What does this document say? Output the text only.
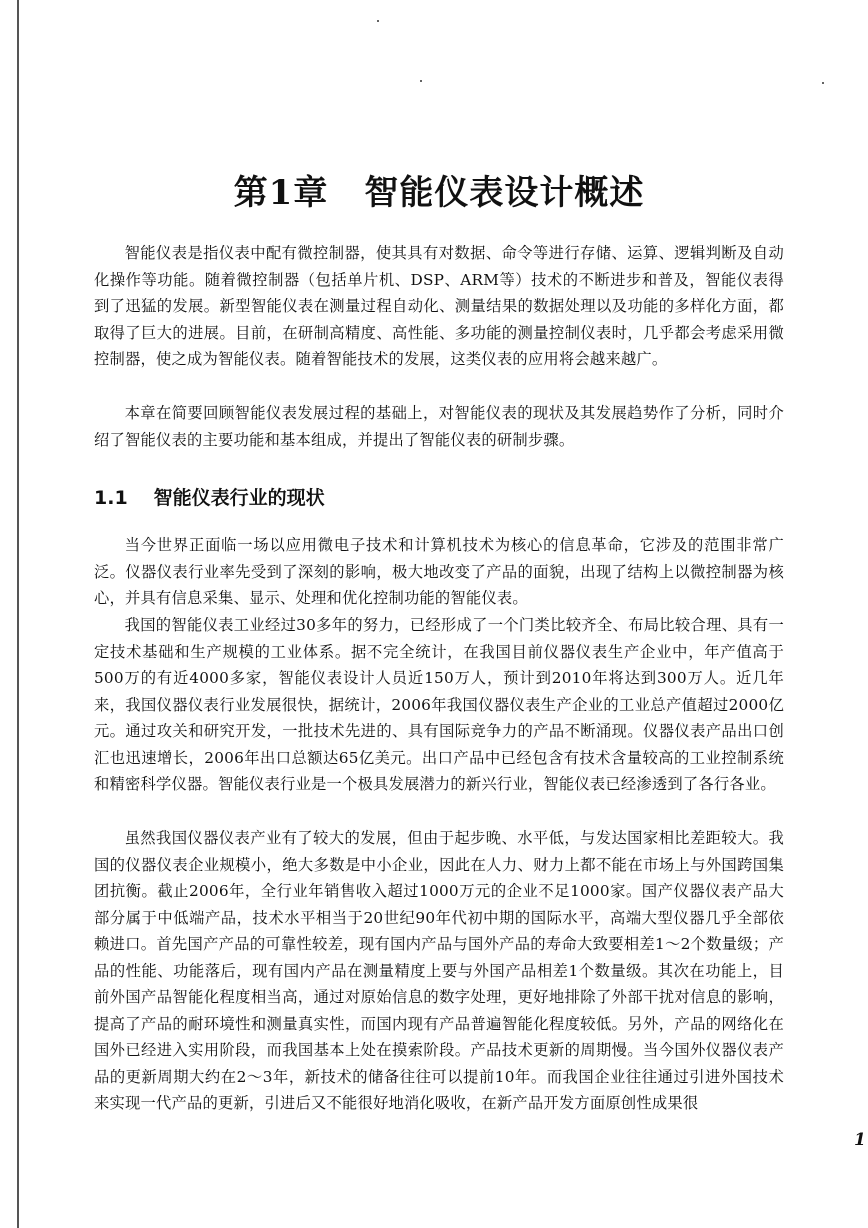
第1章 智能仪表设计概述

智能仪表是指仪表中配有微控制器，使其具有对数据、命令等进行存储、运算、逻辑判断及自动化操作等功能。随着微控制器（包括单片机、DSP、ARM等）技术的不断进步和普及，智能仪表得到了迅猛的发展。新型智能仪表在测量过程自动化、测量结果的数据处理以及功能的多样化方面，都取得了巨大的进展。目前，在研制高精度、高性能、多功能的测量控制仪表时，几乎都会考虑采用微控制器，使之成为智能仪表。随着智能技术的发展，这类仪表的应用将会越来越广。

本章在简要回顾智能仪表发展过程的基础上，对智能仪表的现状及其发展趋势作了分析，同时介绍了智能仪表的主要功能和基本组成，并提出了智能仪表的研制步骤。

1.1 智能仪表行业的现状

当今世界正面临一场以应用微电子技术和计算机技术为核心的信息革命，它涉及的范围非常广泛。仪器仪表行业率先受到了深刻的影响，极大地改变了产品的面貌，出现了结构上以微控制器为核心，并具有信息采集、显示、处理和优化控制功能的智能仪表。

我国的智能仪表工业经过30多年的努力，已经形成了一个门类比较齐全、布局比较合理、具有一定技术基础和生产规模的工业体系。据不完全统计，在我国目前仪器仪表生产企业中，年产值高于500万的有近4000多家，智能仪表设计人员近150万人，预计到2010年将达到300万人。近几年来，我国仪器仪表行业发展很快，据统计，2006年我国仪器仪表生产企业的工业总产值超过2000亿元。通过攻关和研究开发，一批技术先进的、具有国际竞争力的产品不断涌现。仪器仪表产品出口创汇也迅速增长，2006年出口总额达65亿美元。出口产品中已经包含有技术含量较高的工业控制系统和精密科学仪器。智能仪表行业是一个极具发展潜力的新兴行业，智能仪表已经渗透到了各行各业。

虽然我国仪器仪表产业有了较大的发展，但由于起步晚、水平低，与发达国家相比差距较大。我国的仪器仪表企业规模小，绝大多数是中小企业，因此在人力、财力上都不能在市场上与外国跨国集团抗衡。截止2006年，全行业年销售收入超过1000万元的企业不足1000家。国产仪器仪表产品大部分属于中低端产品，技术水平相当于20世纪90年代初中期的国际水平，高端大型仪器几乎全部依赖进口。首先国产产品的可靠性较差，现有国内产品与国外产品的寿命大致要相差1～2个数量级；产品的性能、功能落后，现有国内产品在测量精度上要与外国产品相差1个数量级。其次在功能上，目前外国产品智能化程度相当高，通过对原始信息的数字处理，更好地排除了外部干扰对信息的影响，提高了产品的耐环境性和测量真实性，而国内现有产品普遍智能化程度较低。另外，产品的网络化在国外已经进入实用阶段，而我国基本上处在摸索阶段。产品技术更新的周期慢。当今国外仪器仪表产品的更新周期大约在2～3年，新技术的储备往往可以提前10年。而我国企业往往通过引进外国技术来实现一代产品的更新，引进后又不能很好地消化吸收，在新产品开发方面原创性成果很

1
